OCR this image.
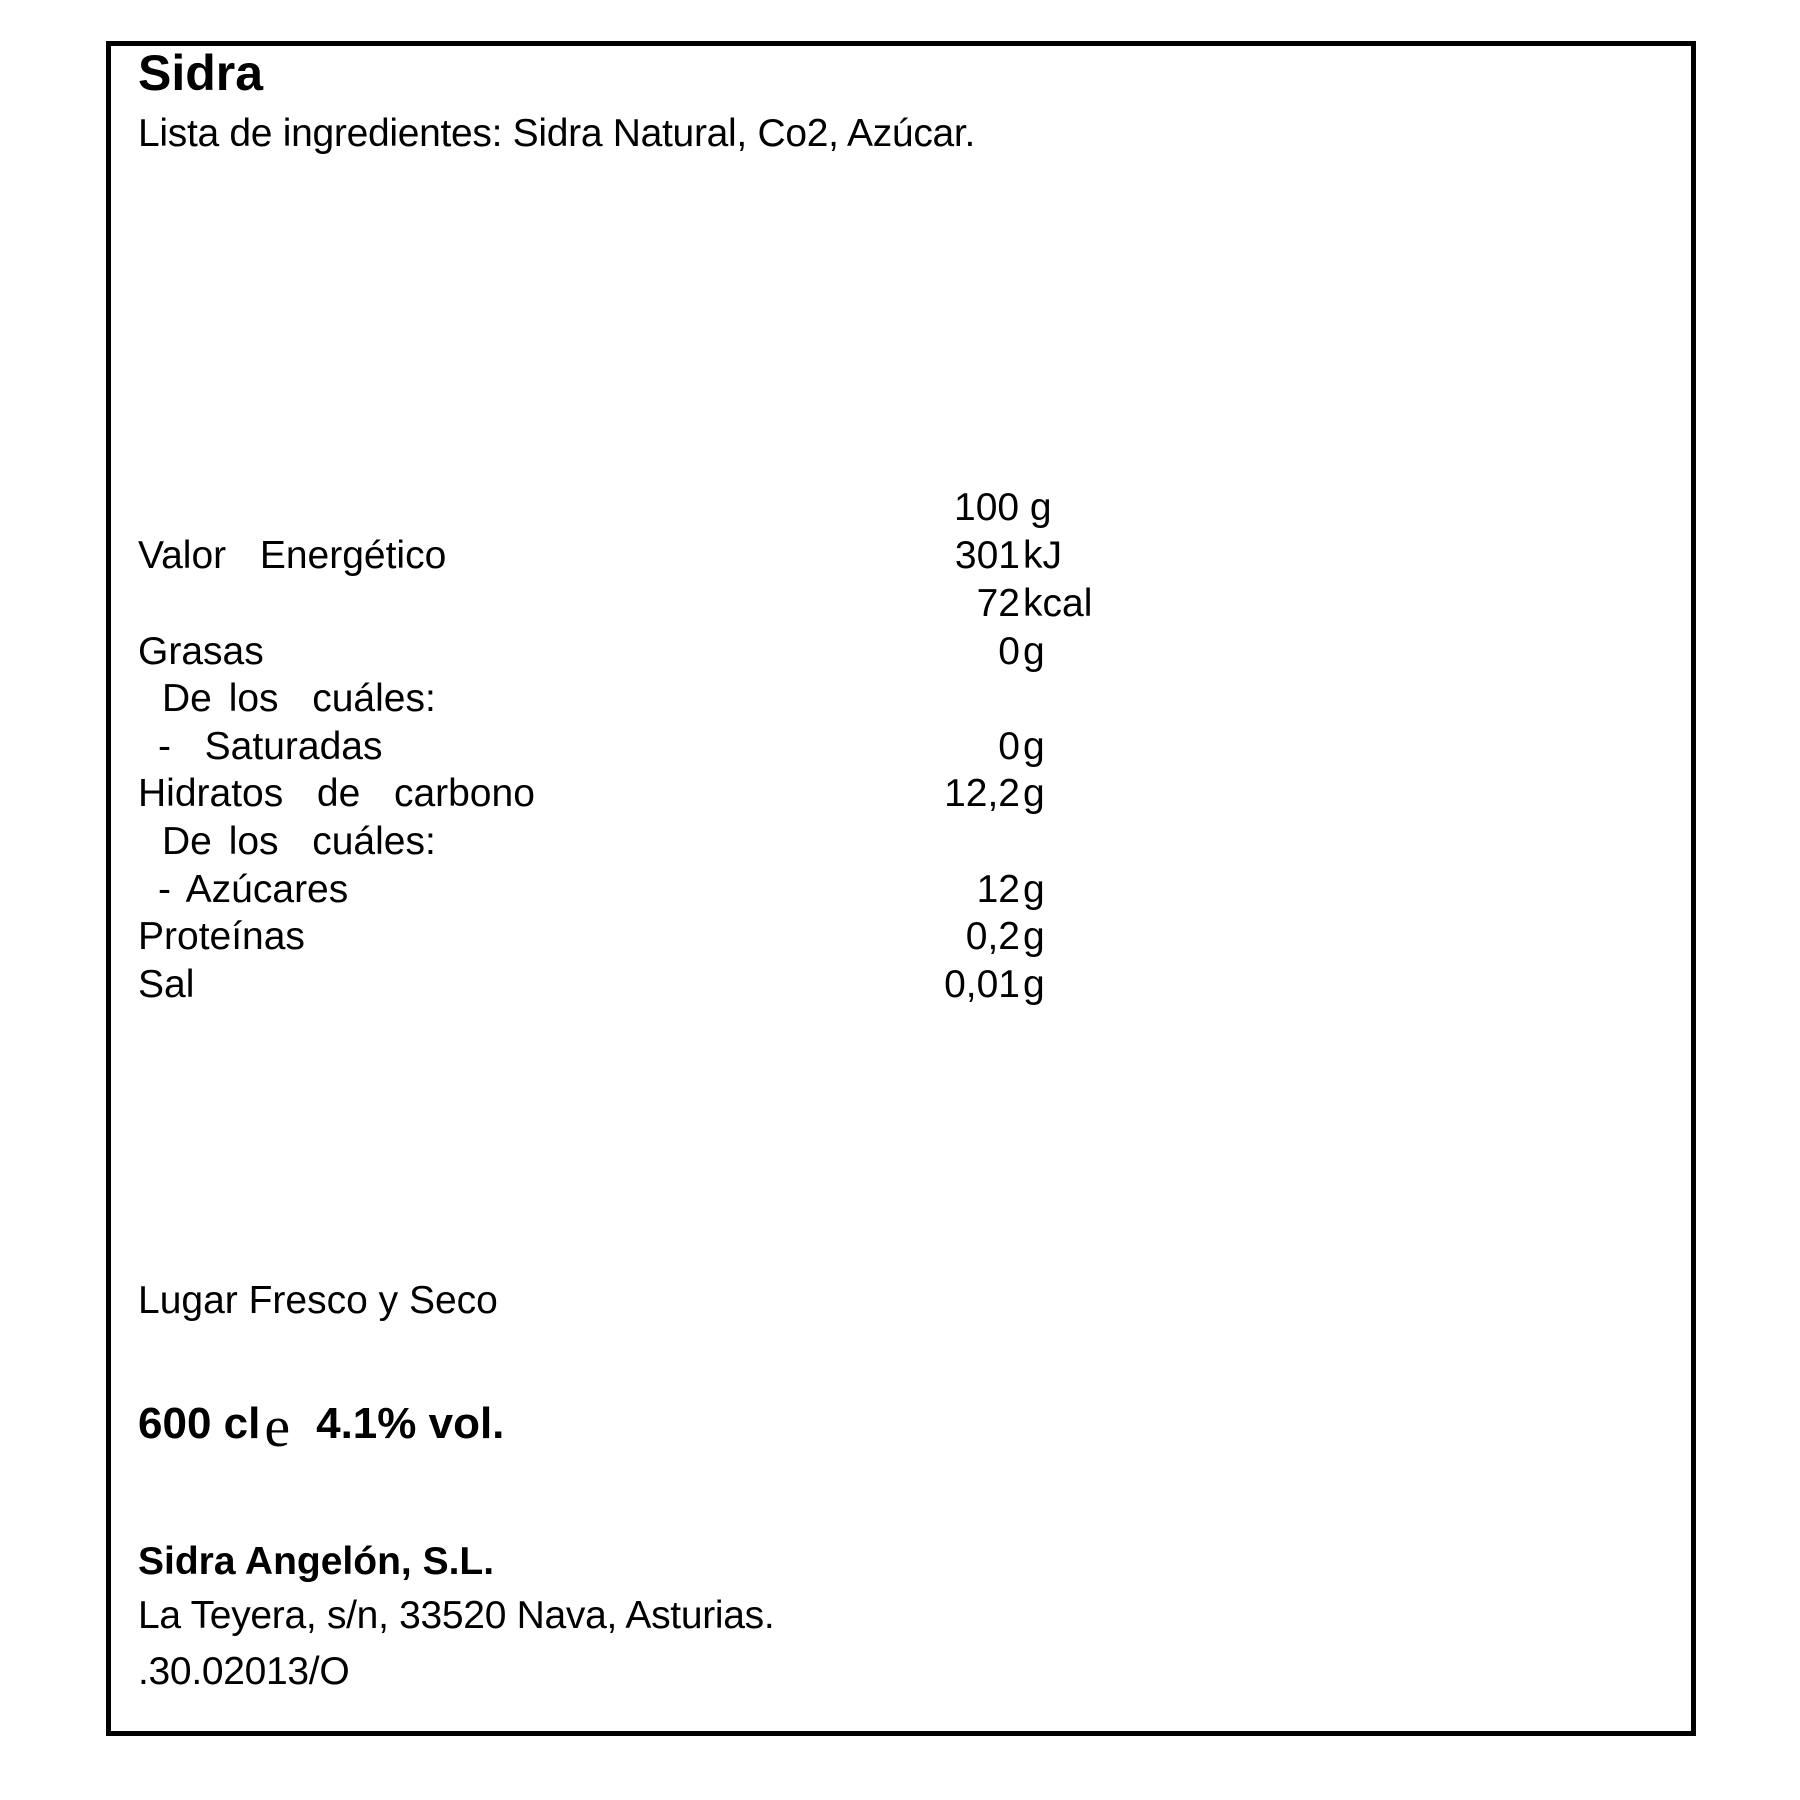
Sidra
Lista de ingredientes: Sidra Natural, Co2, Azúcar.
100 g
Valor  Energético	301 kJ
72 kcal
Grasas	0 g
De los  cuáles:
-  Saturadas	0 g
Hidratos  de  carbono	12,2 g
De los  cuáles:
- Azúcares	12 g
Proteínas	0,2 g
Sal	0,01 g
Lugar Fresco y Seco
600 cle 4.1% vol.
Sidra Angelón, S.L.
La Teyera, s/n, 33520 Nava, Asturias.
.30.02013/O
